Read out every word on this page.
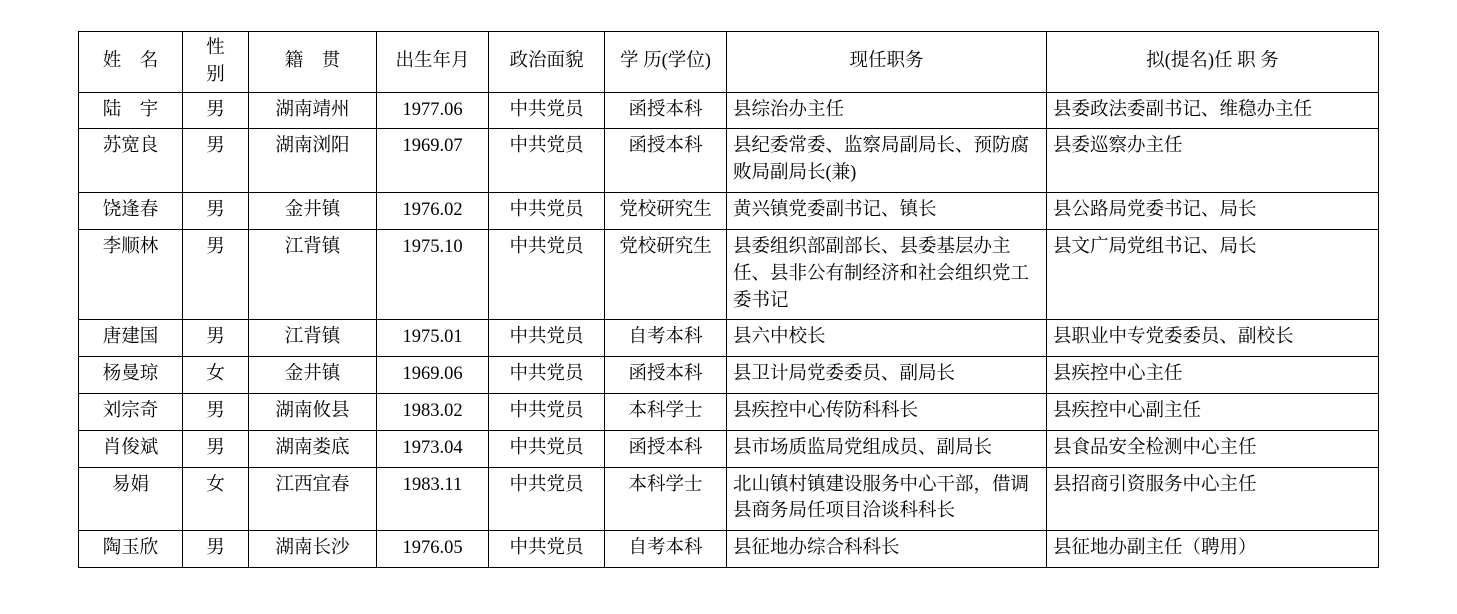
姓　名	性　别	籍　贯	出生年月	政治面貌	学 历(学位)	现任职务	拟(提名)任 职 务
陆　宇	男	湖南靖州	1977.06	中共党员	函授本科	县综治办主任	县委政法委副书记、维稳办主任
苏宽良	男	湖南浏阳	1969.07	中共党员	函授本科	县纪委常委、监察局副局长、预防腐败局副局长(兼)	县委巡察办主任
饶逢春	男	金井镇	1976.02	中共党员	党校研究生	黄兴镇党委副书记、镇长	县公路局党委书记、局长
李顺林	男	江背镇	1975.10	中共党员	党校研究生	县委组织部副部长、县委基层办主任、县非公有制经济和社会组织党工委书记	县文广局党组书记、局长
唐建国	男	江背镇	1975.01	中共党员	自考本科	县六中校长	县职业中专党委委员、副校长
杨曼琼	女	金井镇	1969.06	中共党员	函授本科	县卫计局党委委员、副局长	县疾控中心主任
刘宗奇	男	湖南攸县	1983.02	中共党员	本科学士	县疾控中心传防科科长	县疾控中心副主任
肖俊斌	男	湖南娄底	1973.04	中共党员	函授本科	县市场质监局党组成员、副局长	县食品安全检测中心主任
易娟	女	江西宜春	1983.11	中共党员	本科学士	北山镇村镇建设服务中心干部，借调县商务局任项目洽谈科科长	县招商引资服务中心主任
陶玉欣	男	湖南长沙	1976.05	中共党员	自考本科	县征地办综合科科长	县征地办副主任（聘用）
